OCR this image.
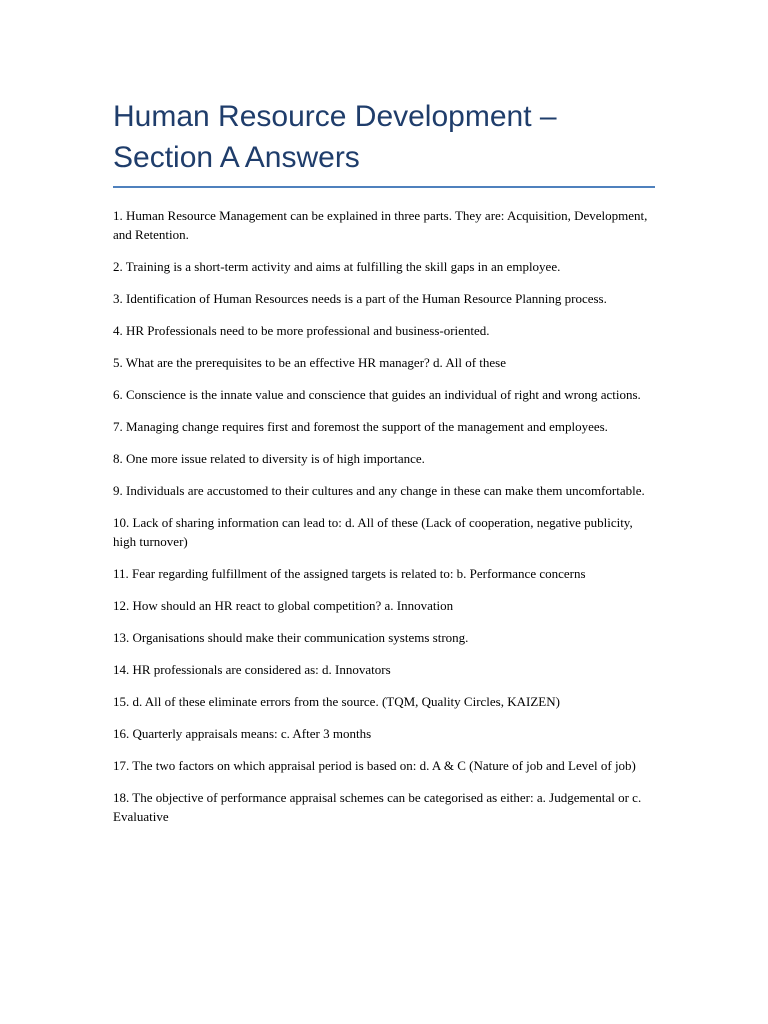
Human Resource Development –
Section A Answers

1. Human Resource Management can be explained in three parts. They are: Acquisition, Development, and Retention.

2. Training is a short-term activity and aims at fulfilling the skill gaps in an employee.

3. Identification of Human Resources needs is a part of the Human Resource Planning process.

4. HR Professionals need to be more professional and business-oriented.

5. What are the prerequisites to be an effective HR manager? d. All of these

6. Conscience is the innate value and conscience that guides an individual of right and wrong actions.

7. Managing change requires first and foremost the support of the management and employees.

8. One more issue related to diversity is of high importance.

9. Individuals are accustomed to their cultures and any change in these can make them uncomfortable.

10. Lack of sharing information can lead to: d. All of these (Lack of cooperation, negative publicity, high turnover)

11. Fear regarding fulfillment of the assigned targets is related to: b. Performance concerns

12. How should an HR react to global competition? a. Innovation

13. Organisations should make their communication systems strong.

14. HR professionals are considered as: d. Innovators

15. d. All of these eliminate errors from the source. (TQM, Quality Circles, KAIZEN)

16. Quarterly appraisals means: c. After 3 months

17. The two factors on which appraisal period is based on: d. A & C (Nature of job and Level of job)

18. The objective of performance appraisal schemes can be categorised as either: a. Judgemental or c. Evaluative
